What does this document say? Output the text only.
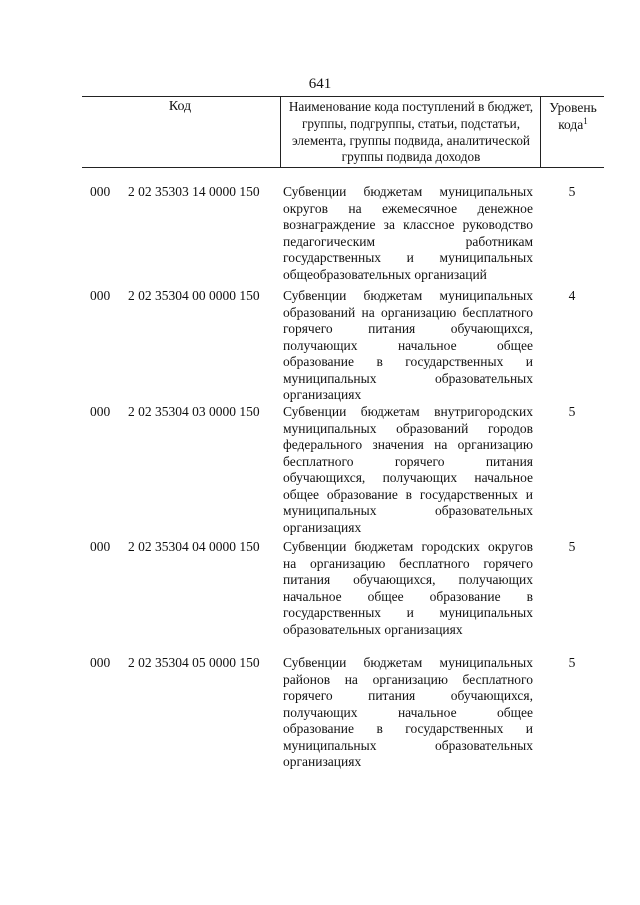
641
Код	Наименование кода поступлений в бюджет, группы, подгруппы, статьи, подстатьи, элемента, группы подвида, аналитической группы подвида доходов
Уровень кода$^1$
000 2 02 35303 14 0000 150 Субвенции бюджетам муниципальных округов на ежемесячное денежное вознаграждение за классное руководство педагогическим работникам государственных и муниципальных общеобразовательных организаций
5
000 2 02 35304 00 0000 150 Субвенции бюджетам муниципальных образований на организацию бесплатного горячего питания обучающихся, получающих начальное общее образование в государственных и муниципальных образовательных организациях
4
000 2 02 35304 03 0000 150 Субвенции бюджетам внутригородских муниципальных образований городов федерального значения на организацию бесплатного горячего питания обучающихся, получающих начальное общее образование в государственных и муниципальных образовательных организациях
5
000 2 02 35304 04 0000 150 Субвенции бюджетам городских округов на организацию бесплатного горячего питания обучающихся, получающих начальное общее образование в государственных и муниципальных образовательных организациях
5
000 2 02 35304 05 0000 150 Субвенции бюджетам муниципальных районов на организацию бесплатного горячего питания обучающихся, получающих начальное общее образование в государственных и муниципальных образовательных организациях
5
